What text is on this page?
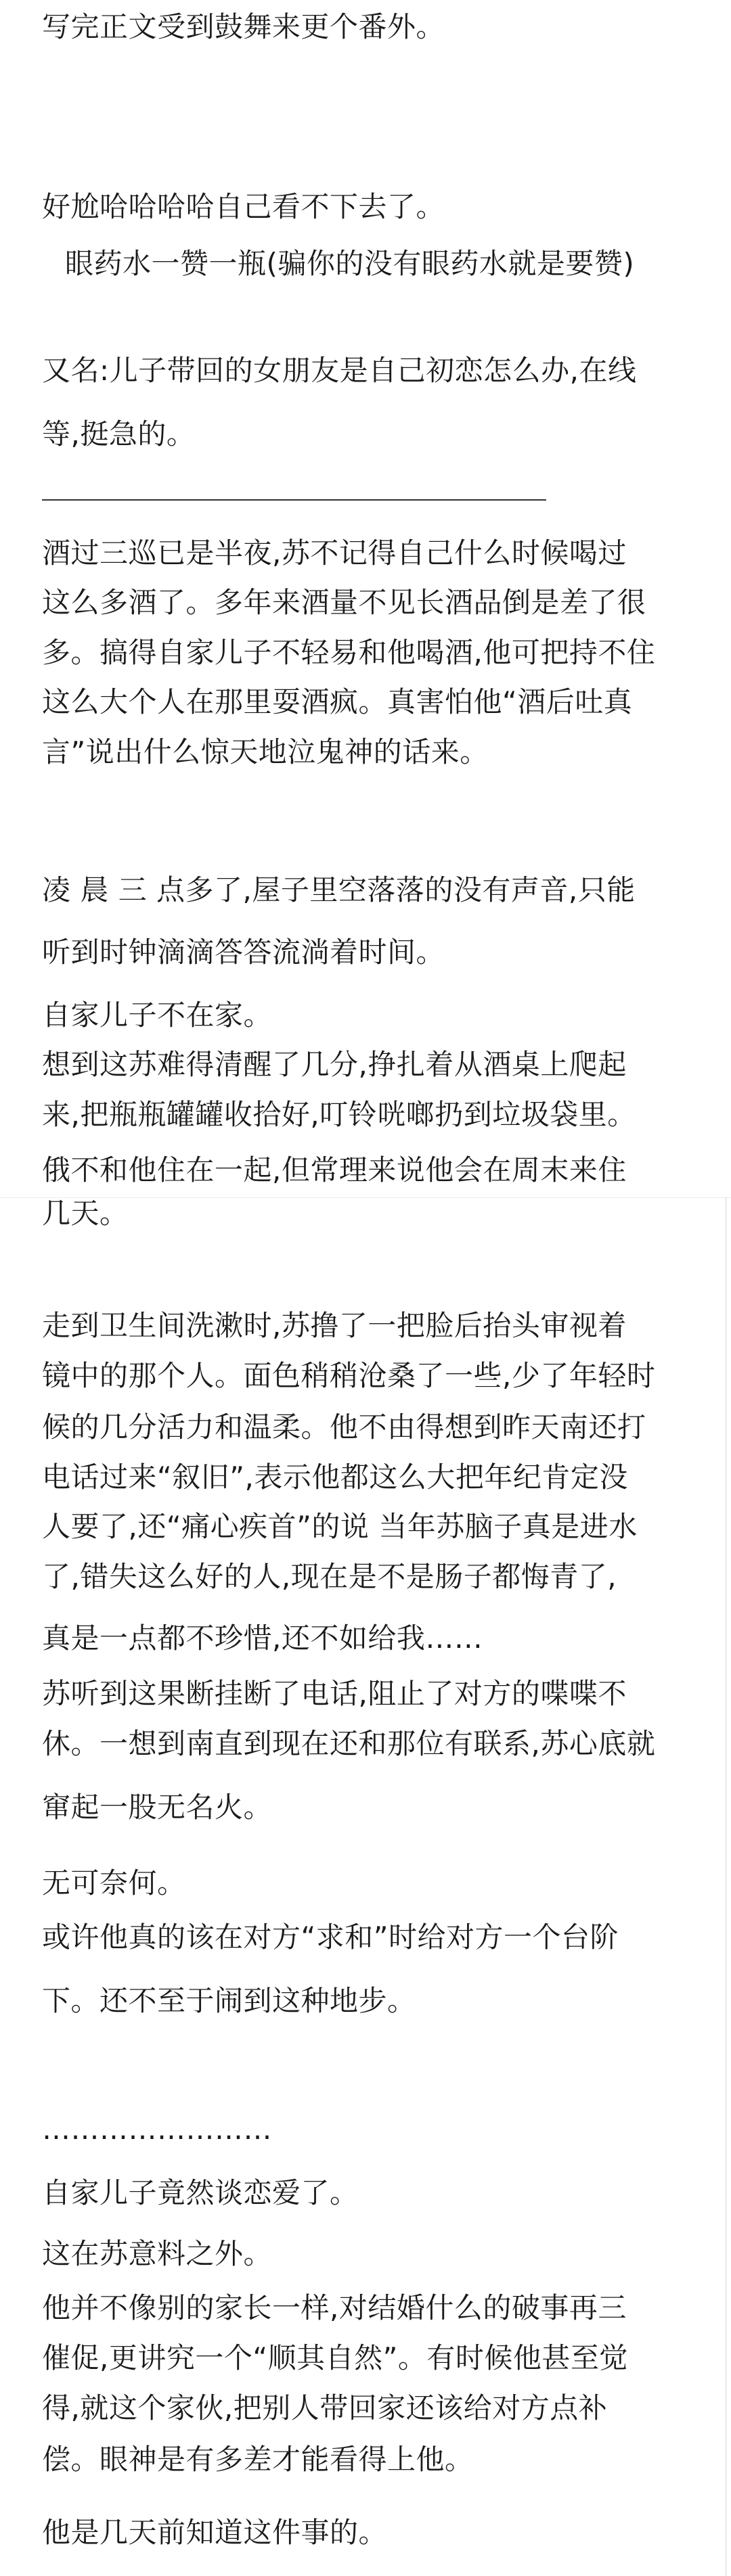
写完正文受到鼓舞来更个番外。
好尬哈哈哈哈自己看不下去了。
眼药水一赞一瓶(骗你的没有眼药水就是要赞)
又名:儿子带回的女朋友是自己初恋怎么办,在线
等,挺急的。
酒过三巡已是半夜,苏不记得自己什么时候喝过
这么多酒了。多年来酒量不见长酒品倒是差了很
多。搞得自家儿子不轻易和他喝酒,他可把持不住
这么大个人在那里耍酒疯。真害怕他“酒后吐真
言”说出什么惊天地泣鬼神的话来。
凌 晨 三 点多了,屋子里空落落的没有声音,只能
听到时钟滴滴答答流淌着时间。
自家儿子不在家。
想到这苏难得清醒了几分,挣扎着从酒桌上爬起
来,把瓶瓶罐罐收拾好,叮铃咣啷扔到垃圾袋里。
俄不和他住在一起,但常理来说他会在周末来住
几天。
走到卫生间洗漱时,苏撸了一把脸后抬头审视着
镜中的那个人。面色稍稍沧桑了一些,少了年轻时
候的几分活力和温柔。他不由得想到昨天南还打
电话过来“叙旧”,表示他都这么大把年纪肯定没
人要了,还“痛心疾首”的说 当年苏脑子真是进水
了,错失这么好的人,现在是不是肠子都悔青了,
真是一点都不珍惜,还不如给我……
苏听到这果断挂断了电话,阻止了对方的喋喋不
休。一想到南直到现在还和那位有联系,苏心底就
窜起一股无名火。
无可奈何。
或许他真的该在对方“求和”时给对方一个台阶
下。还不至于闹到这种地步。
……………………
自家儿子竟然谈恋爱了。
这在苏意料之外。
他并不像别的家长一样,对结婚什么的破事再三
催促,更讲究一个“顺其自然”。有时候他甚至觉
得,就这个家伙,把别人带回家还该给对方点补
偿。眼神是有多差才能看得上他。
他是几天前知道这件事的。
